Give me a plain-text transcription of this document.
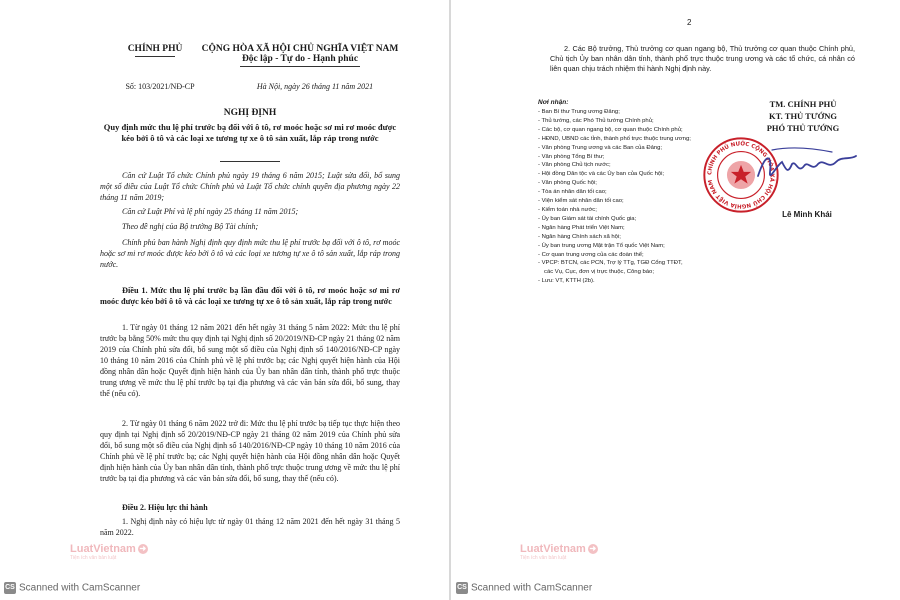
CHÍNH PHỦ	CỘNG HÒA XÃ HỘI CHỦ NGHĨA VIỆT NAM
Độc lập - Tự do - Hạnh phúc
Số: 103/2021/NĐ-CP	Hà Nội, ngày 26 tháng 11 năm 2021
NGHỊ ĐỊNH
Quy định mức thu lệ phí trước bạ đối với ô tô, rơ moóc hoặc sơ mi rơ moóc được kéo bởi ô tô và các loại xe tương tự xe ô tô sản xuất, lắp ráp trong nước
Căn cứ Luật Tổ chức Chính phủ ngày 19 tháng 6 năm 2015; Luật sửa đổi, bổ sung một số điều của Luật Tổ chức Chính phủ và Luật Tổ chức chính quyền địa phương ngày 22 tháng 11 năm 2019;
Căn cứ Luật Phí và lệ phí ngày 25 tháng 11 năm 2015;
Theo đề nghị của Bộ trưởng Bộ Tài chính;
Chính phủ ban hành Nghị định quy định mức thu lệ phí trước bạ đối với ô tô, rơ moóc hoặc sơ mi rơ moóc được kéo bởi ô tô và các loại xe tương tự xe ô tô sản xuất, lắp ráp trong nước.
Điều 1. Mức thu lệ phí trước bạ lần đầu đối với ô tô, rơ moóc hoặc sơ mi rơ moóc được kéo bởi ô tô và các loại xe tương tự xe ô tô sản xuất, lắp ráp trong nước
1. Từ ngày 01 tháng 12 năm 2021 đến hết ngày 31 tháng 5 năm 2022: Mức thu lệ phí trước bạ bằng 50% mức thu quy định tại Nghị định số 20/2019/NĐ-CP ngày 21 tháng 02 năm 2019 của Chính phủ sửa đổi, bổ sung một số điều của Nghị định số 140/2016/NĐ-CP ngày 10 tháng 10 năm 2016 của Chính phủ về lệ phí trước bạ; các Nghị quyết hiện hành của Hội đồng nhân dân hoặc Quyết định hiện hành của Ủy ban nhân dân tỉnh, thành phố trực thuộc trung ương về mức thu lệ phí trước bạ tại địa phương và các văn bản sửa đổi, bổ sung, thay thế (nếu có).
2. Từ ngày 01 tháng 6 năm 2022 trở đi: Mức thu lệ phí trước bạ tiếp tục thực hiện theo quy định tại Nghị định số 20/2019/NĐ-CP ngày 21 tháng 02 năm 2019 của Chính phủ sửa đổi, bổ sung một số điều của Nghị định số 140/2016/NĐ-CP ngày 10 tháng 10 năm 2016 của Chính phủ về lệ phí trước bạ; các Nghị quyết hiện hành của Hội đồng nhân dân hoặc Quyết định hiện hành của Ủy ban nhân dân tỉnh, thành phố trực thuộc trung ương về mức thu lệ phí trước bạ tại địa phương và các văn bản sửa đổi, bổ sung, thay thế (nếu có).
Điều 2. Hiệu lực thi hành
1. Nghị định này có hiệu lực từ ngày 01 tháng 12 năm 2021 đến hết ngày 31 tháng 5 năm 2022.
LuatVietnam ➜
Tiện ích văn bản luật
CS Scanned with CamScanner
2
2. Các Bộ trưởng, Thủ trưởng cơ quan ngang bộ, Thủ trưởng cơ quan thuộc Chính phủ, Chủ tịch Ủy ban nhân dân tỉnh, thành phố trực thuộc trung ương và các tổ chức, cá nhân có liên quan chịu trách nhiệm thi hành Nghị định này.
Nơi nhận:
- Ban Bí thư Trung ương Đảng;
- Thủ tướng, các Phó Thủ tướng Chính phủ;
- Các bộ, cơ quan ngang bộ, cơ quan thuộc Chính phủ;
- HĐND, UBND các tỉnh, thành phố trực thuộc trung ương;
- Văn phòng Trung ương và các Ban của Đảng;
- Văn phòng Tổng Bí thư;
- Văn phòng Chủ tịch nước;
- Hội đồng Dân tộc và các Ủy ban của Quốc hội;
- Văn phòng Quốc hội;
- Tòa án nhân dân tối cao;
- Viện kiểm sát nhân dân tối cao;
- Kiểm toán nhà nước;
- Ủy ban Giám sát tài chính Quốc gia;
- Ngân hàng Phát triển Việt Nam;
- Ngân hàng Chính sách xã hội;
- Ủy ban trung ương Mặt trận Tổ quốc Việt Nam;
- Cơ quan trung ương của các đoàn thể;
- VPCP: BTCN, các PCN, Trợ lý TTg, TGĐ Cổng TTĐT,
các Vụ, Cục, đơn vị trực thuộc, Công báo;
- Lưu: VT, KTTH (2b).
TM. CHÍNH PHỦ
KT. THỦ TƯỚNG
PHÓ THỦ TƯỚNG
CHÍNH PHỦ NƯỚC CỘNG HÒA XÃ HỘI CHỦ NGHĨA VIỆT NAM
Lê Minh Khái
LuatVietnam ➜
Tiện ích văn bản luật
CS Scanned with CamScanner
